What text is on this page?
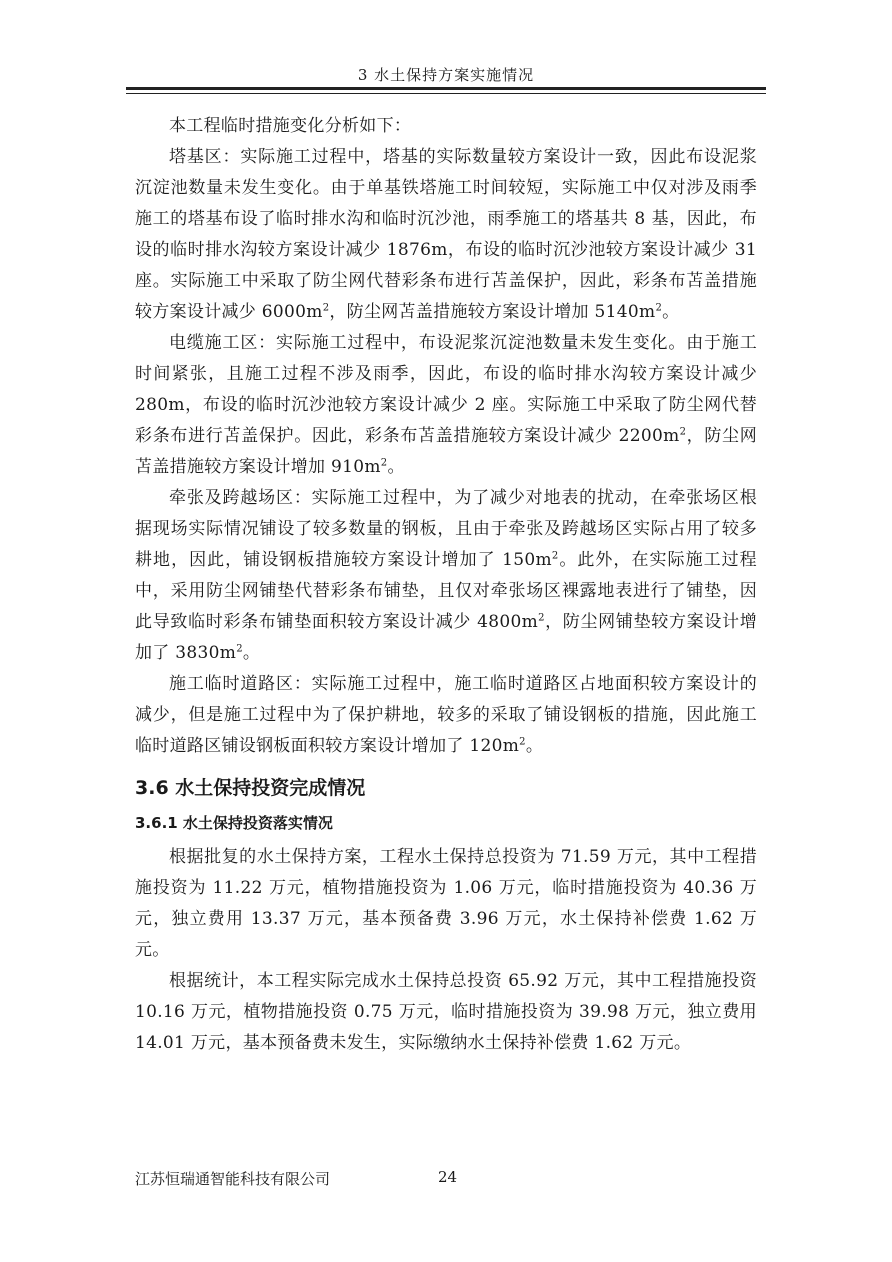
3 水土保持方案实施情况

本工程临时措施变化分析如下：

塔基区：实际施工过程中，塔基的实际数量较方案设计一致，因此布设泥浆沉淀池数量未发生变化。由于单基铁塔施工时间较短，实际施工中仅对涉及雨季施工的塔基布设了临时排水沟和临时沉沙池，雨季施工的塔基共 8 基，因此，布设的临时排水沟较方案设计减少 1876m，布设的临时沉沙池较方案设计减少 31 座。实际施工中采取了防尘网代替彩条布进行苫盖保护，因此，彩条布苫盖措施较方案设计减少 $6000m^2$，防尘网苫盖措施较方案设计增加 $5140m^2$。

电缆施工区：实际施工过程中，布设泥浆沉淀池数量未发生变化。由于施工时间紧张，且施工过程不涉及雨季，因此，布设的临时排水沟较方案设计减少 280m，布设的临时沉沙池较方案设计减少 2 座。实际施工中采取了防尘网代替彩条布进行苫盖保护。因此，彩条布苫盖措施较方案设计减少 $2200m^2$，防尘网苫盖措施较方案设计增加 $910m^2$。

牵张及跨越场区：实际施工过程中，为了减少对地表的扰动，在牵张场区根据现场实际情况铺设了较多数量的钢板，且由于牵张及跨越场区实际占用了较多耕地，因此，铺设钢板措施较方案设计增加了 $150m^2$。此外，在实际施工过程中，采用防尘网铺垫代替彩条布铺垫，且仅对牵张场区裸露地表进行了铺垫，因此导致临时彩条布铺垫面积较方案设计减少 $4800m^2$，防尘网铺垫较方案设计增加了 $3830m^2$。

施工临时道路区：实际施工过程中，施工临时道路区占地面积较方案设计的减少，但是施工过程中为了保护耕地，较多的采取了铺设钢板的措施，因此施工临时道路区铺设钢板面积较方案设计增加了 $120m^2$。

3.6 水土保持投资完成情况
3.6.1 水土保持投资落实情况

根据批复的水土保持方案，工程水土保持总投资为 71.59 万元，其中工程措施投资为 11.22 万元，植物措施投资为 1.06 万元，临时措施投资为 40.36 万元，独立费用 13.37 万元，基本预备费 3.96 万元，水土保持补偿费 1.62 万元。

根据统计，本工程实际完成水土保持总投资 65.92 万元，其中工程措施投资 10.16 万元，植物措施投资 0.75 万元，临时措施投资为 39.98 万元，独立费用 14.01 万元，基本预备费未发生，实际缴纳水土保持补偿费 1.62 万元。

江苏恒瑞通智能科技有限公司	24
